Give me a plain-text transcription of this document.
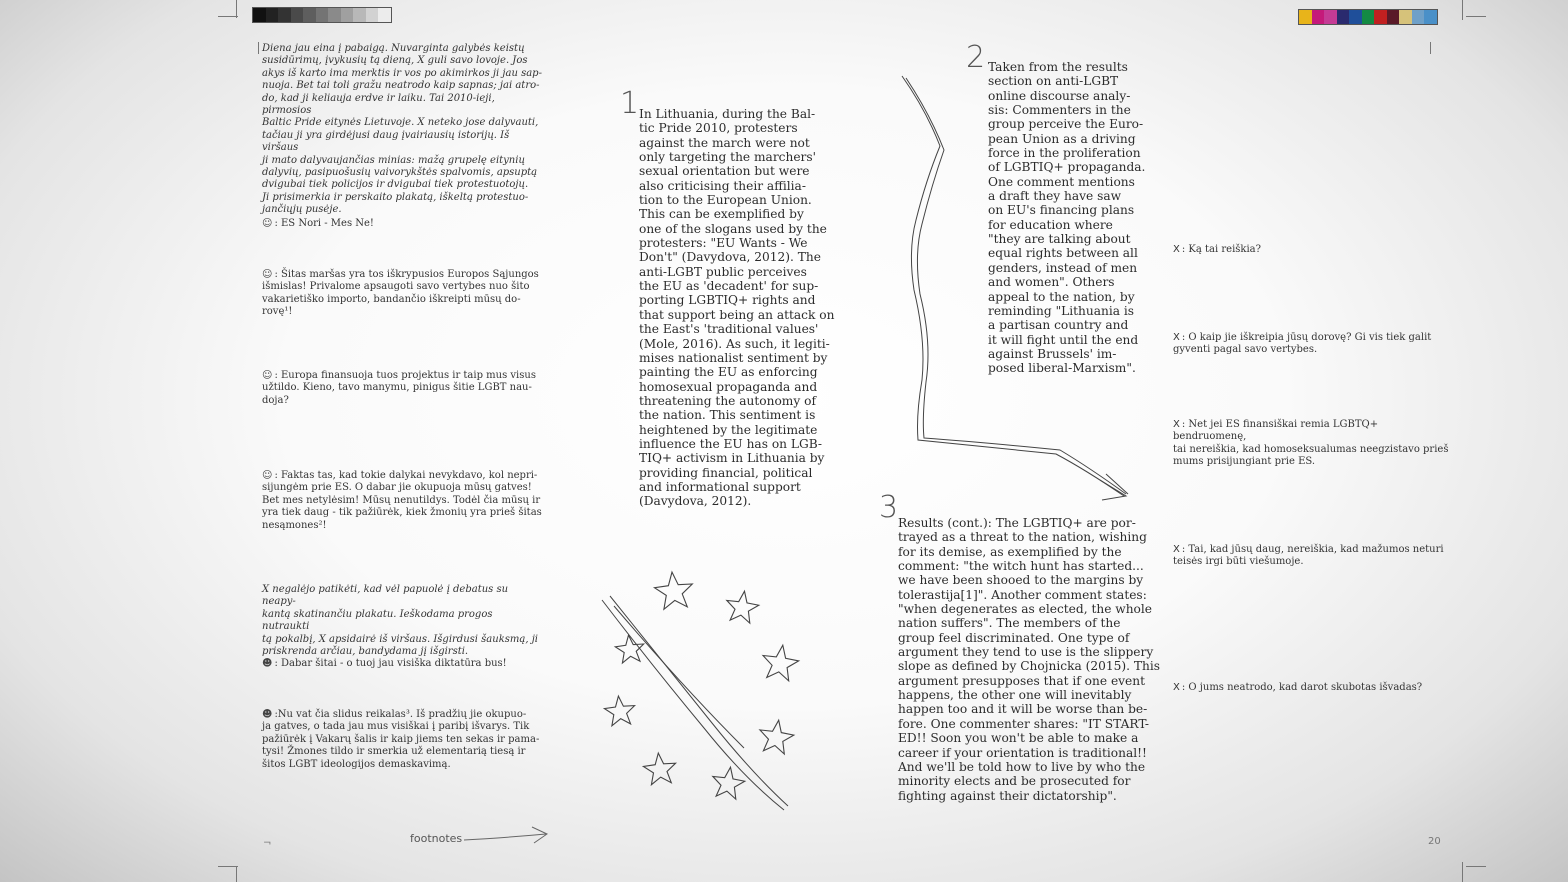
Diena jau eina į pabaigą. Nuvarginta galybės keistų
susidūrimų, įvykusių tą dieną, X guli savo lovoje. Jos
akys iš karto ima merktis ir vos po akimirkos ji jau sap-
nuoja. Bet tai toli gražu neatrodo kaip sapnas; jai atro-
do, kad ji keliauja erdve ir laiku. Tai 2010-ieji, pirmosios
Baltic Pride eitynės Lietuvoje. X neteko jose dalyvauti,
tačiau ji yra girdėjusi daug įvairiausių istorijų. Iš viršaus
ji mato dalyvaujančias minias: mažą grupelę eitynių
dalyvių, pasipuošusių vaivorykštės spalvomis, apsuptą
dvigubai tiek policijos ir dvigubai tiek protestuotojų.
Ji prisimerkia ir perskaito plakatą, iškeltą protestuo-
jančiųjų pusėje.
☺ : ES Nori - Mes Ne!
☺ : Šitas maršas yra tos iškrypusios Europos Sąjungos
išmislas! Privalome apsaugoti savo vertybes nuo šito
vakarietiško importo, bandančio iškreipti mūsų do-
rovę¹!
☺ : Europa finansuoja tuos projektus ir taip mus visus
užtildo. Kieno, tavo manymu, pinigus šitie LGBT nau-
doja?
☺ : Faktas tas, kad tokie dalykai nevykdavo, kol nepri-
sijungėm prie ES. O dabar jie okupuoja mūsų gatves!
Bet mes netylėsim! Mūsų nenutildys. Todėl čia mūsų ir
yra tiek daug - tik pažiūrėk, kiek žmonių yra prieš šitas
nesąmones²!
X negalėjo patikėti, kad vėl papuolė į debatus su neapy-
kantą skatinančiu plakatu. Ieškodama progos nutraukti
tą pokalbį, X apsidairė iš viršaus. Išgirdusi šauksmą, ji
priskrenda arčiau, bandydama jį išgirsti.
☻ : Dabar šitai - o tuoj jau visiška diktatūra bus!
☻ :Nu vat čia slidus reikalas³. Iš pradžių jie okupuo-
ja gatves, o tada jau mus visiškai į paribį išvarys. Tik
pažiūrėk į Vakarų šalis ir kaip jiems ten sekas ir pama-
tysi! Žmones tildo ir smerkia už elementarią tiesą ir
šitos LGBT ideologijos demaskavimą.
footnotes
¬
1 In Lithuania, during the Bal-
tic Pride 2010, protesters
against the march were not
only targeting the marchers'
sexual orientation but were
also criticising their affilia-
tion to the European Union.
This can be exemplified by
one of the slogans used by the
protesters: "EU Wants - We
Don't" (Davydova, 2012). The
anti-LGBT public perceives
the EU as 'decadent' for sup-
porting LGBTIQ+ rights and
that support being an attack on
the East's 'traditional values'
(Mole, 2016). As such, it legiti-
mises nationalist sentiment by
painting the EU as enforcing
homosexual propaganda and
threatening the autonomy of
the nation. This sentiment is
heightened by the legitimate
influence the EU has on LGB-
TIQ+ activism in Lithuania by
providing financial, political
and informational support
(Davydova, 2012).
2 Taken from the results
section on anti-LGBT
online discourse analy-
sis: Commenters in the
group perceive the Euro-
pean Union as a driving
force in the proliferation
of LGBTIQ+ propaganda.
One comment mentions
a draft they have saw
on EU's financing plans
for education where
"they are talking about
equal rights between all
genders, instead of men
and women". Others
appeal to the nation, by
reminding "Lithuania is
a partisan country and
it will fight until the end
against Brussels' im-
posed liberal-Marxism".
3 Results (cont.): The LGBTIQ+ are por-
trayed as a threat to the nation, wishing
for its demise, as exemplified by the
comment: "the witch hunt has started...
we have been shooed to the margins by
tolerastija[1]". Another comment states:
"when degenerates as elected, the whole
nation suffers". The members of the
group feel discriminated. One type of
argument they tend to use is the slippery
slope as defined by Chojnicka (2015). This
argument presupposes that if one event
happens, the other one will inevitably
happen too and it will be worse than be-
fore. One commenter shares: "IT START-
ED!! Soon you won't be able to make a
career if your orientation is traditional!!
And we'll be told how to live by who the
minority elects and be prosecuted for
fighting against their dictatorship".
X : Ką tai reiškia?
X : O kaip jie iškreipia jūsų dorovę? Gi vis tiek galit
gyventi pagal savo vertybes.
X : Net jei ES finansiškai remia LGBTQ+ bendruomenę,
tai nereiškia, kad homoseksualumas neegzistavo prieš
mums prisijungiant prie ES.
X : Tai, kad jūsų daug, nereiškia, kad mažumos neturi
teisės irgi būti viešumoje.
X : O jums neatrodo, kad darot skubotas išvadas?
20
